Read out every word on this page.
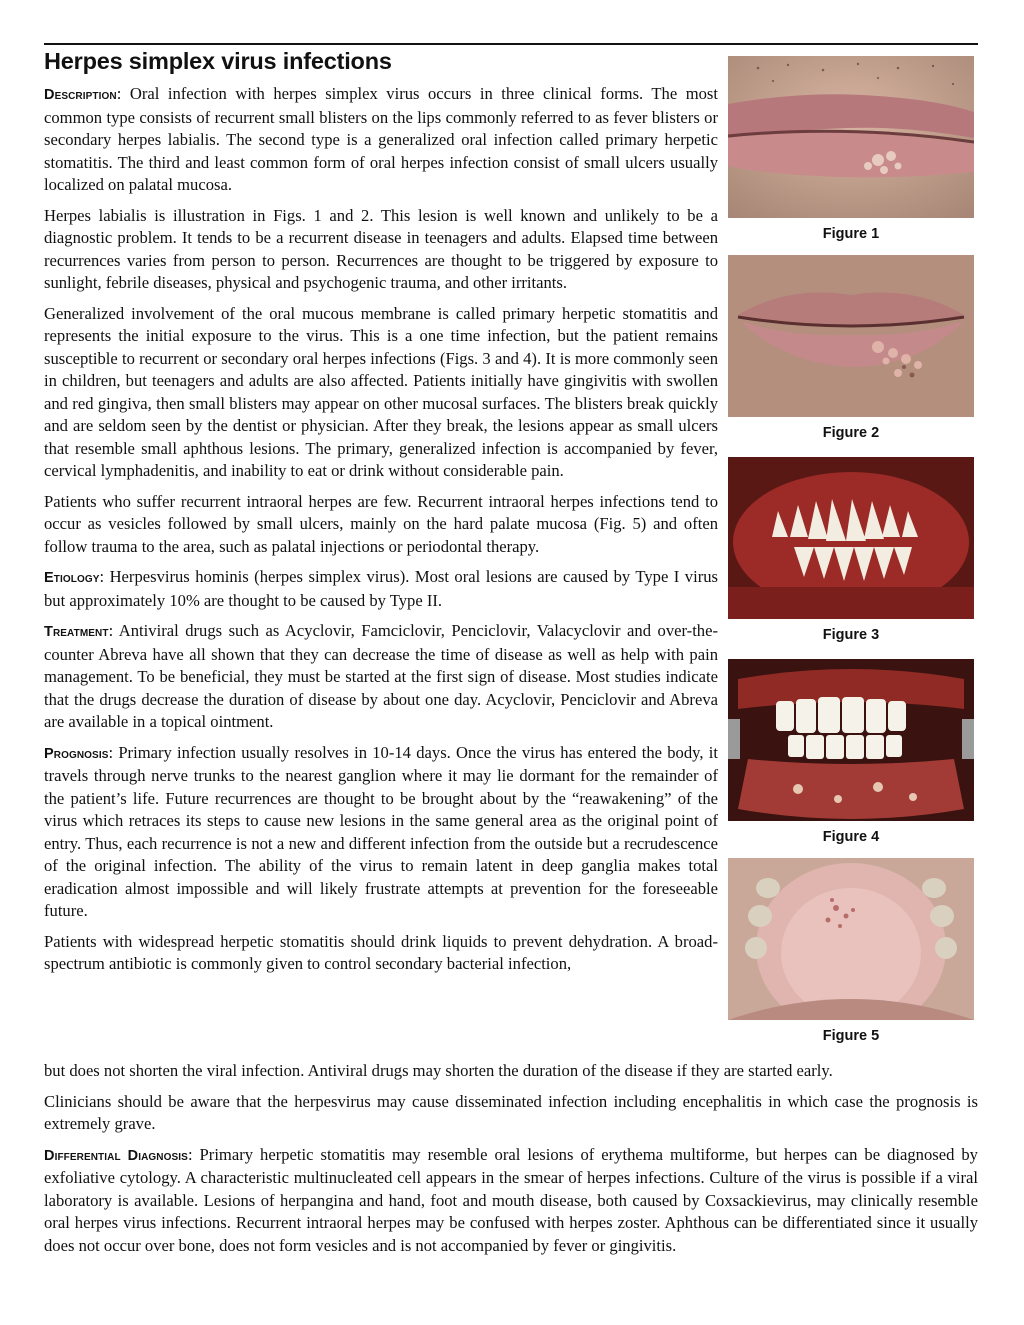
Herpes simplex virus infections

Description: Oral infection with herpes simplex virus occurs in three clinical forms. The most common type consists of recurrent small blisters on the lips commonly referred to as fever blisters or secondary herpes labialis. The second type is a generalized oral infection called primary herpetic stomatitis. The third and least common form of oral herpes infection consist of small ulcers usually localized on palatal mucosa.

Herpes labialis is illustration in Figs. 1 and 2. This lesion is well known and unlikely to be a diagnostic problem. It tends to be a recurrent disease in teenagers and adults. Elapsed time between recurrences varies from person to person. Recurrences are thought to be triggered by exposure to sunlight, febrile diseases, physical and psychogenic trauma, and other irritants.

Generalized involvement of the oral mucous membrane is called primary herpetic stomatitis and represents the initial exposure to the virus. This is a one time infection, but the patient remains susceptible to recurrent or secondary oral herpes infections (Figs. 3 and 4). It is more commonly seen in children, but teenagers and adults are also affected. Patients initially have gingivitis with swollen and red gingiva, then small blisters may appear on other mucosal surfaces. The blisters break quickly and are seldom seen by the dentist or physician. After they break, the lesions appear as small ulcers that resemble small aphthous lesions. The primary, generalized infection is accompanied by fever, cervical lymphadenitis, and inability to eat or drink without considerable pain.

Patients who suffer recurrent intraoral herpes are few. Recurrent intraoral herpes infections tend to occur as vesicles followed by small ulcers, mainly on the hard palate mucosa (Fig. 5) and often follow trauma to the area, such as palatal injections or periodontal therapy.

Etiology: Herpesvirus hominis (herpes simplex virus). Most oral lesions are caused by Type I virus but approximately 10% are thought to be caused by Type II.

Treatment: Antiviral drugs such as Acyclovir, Famciclovir, Penciclovir, Valacyclovir and over-the-counter Abreva have all shown that they can decrease the time of disease as well as help with pain management. To be beneficial, they must be started at the first sign of disease. Most studies indicate that the drugs decrease the duration of disease by about one day. Acyclovir, Penciclovir and Abreva are available in a topical ointment.

Prognosis: Primary infection usually resolves in 10-14 days. Once the virus has entered the body, it travels through nerve trunks to the nearest ganglion where it may lie dormant for the remainder of the patient’s life. Future recurrences are thought to be brought about by the “reawakening” of the virus which retraces its steps to cause new lesions in the same general area as the original point of entry. Thus, each recurrence is not a new and different infection from the outside but a recrudescence of the original infection. The ability of the virus to remain latent in deep ganglia makes total eradication almost impossible and will likely frustrate attempts at prevention for the foreseeable future.

Patients with widespread herpetic stomatitis should drink liquids to prevent dehydration. A broad-spectrum antibiotic is commonly given to control secondary bacterial infection,

but does not shorten the viral infection. Antiviral drugs may shorten the duration of the disease if they are started early.

Clinicians should be aware that the herpesvirus may cause disseminated infection including encephalitis in which case the prognosis is extremely grave.

Differential Diagnosis: Primary herpetic stomatitis may resemble oral lesions of erythema multiforme, but herpes can be diagnosed by exfoliative cytology. A characteristic multinucleated cell appears in the smear of herpes infections. Culture of the virus is possible if a viral laboratory is available. Lesions of herpangina and hand, foot and mouth disease, both caused by Coxsackievirus, may clinically resemble oral herpes virus infections. Recurrent intraoral herpes may be confused with herpes zoster. Aphthous can be differentiated since it usually does not occur over bone, does not form vesicles and is not accompanied by fever or gingivitis.

Figure 1
Figure 2
Figure 3
Figure 4
Figure 5
